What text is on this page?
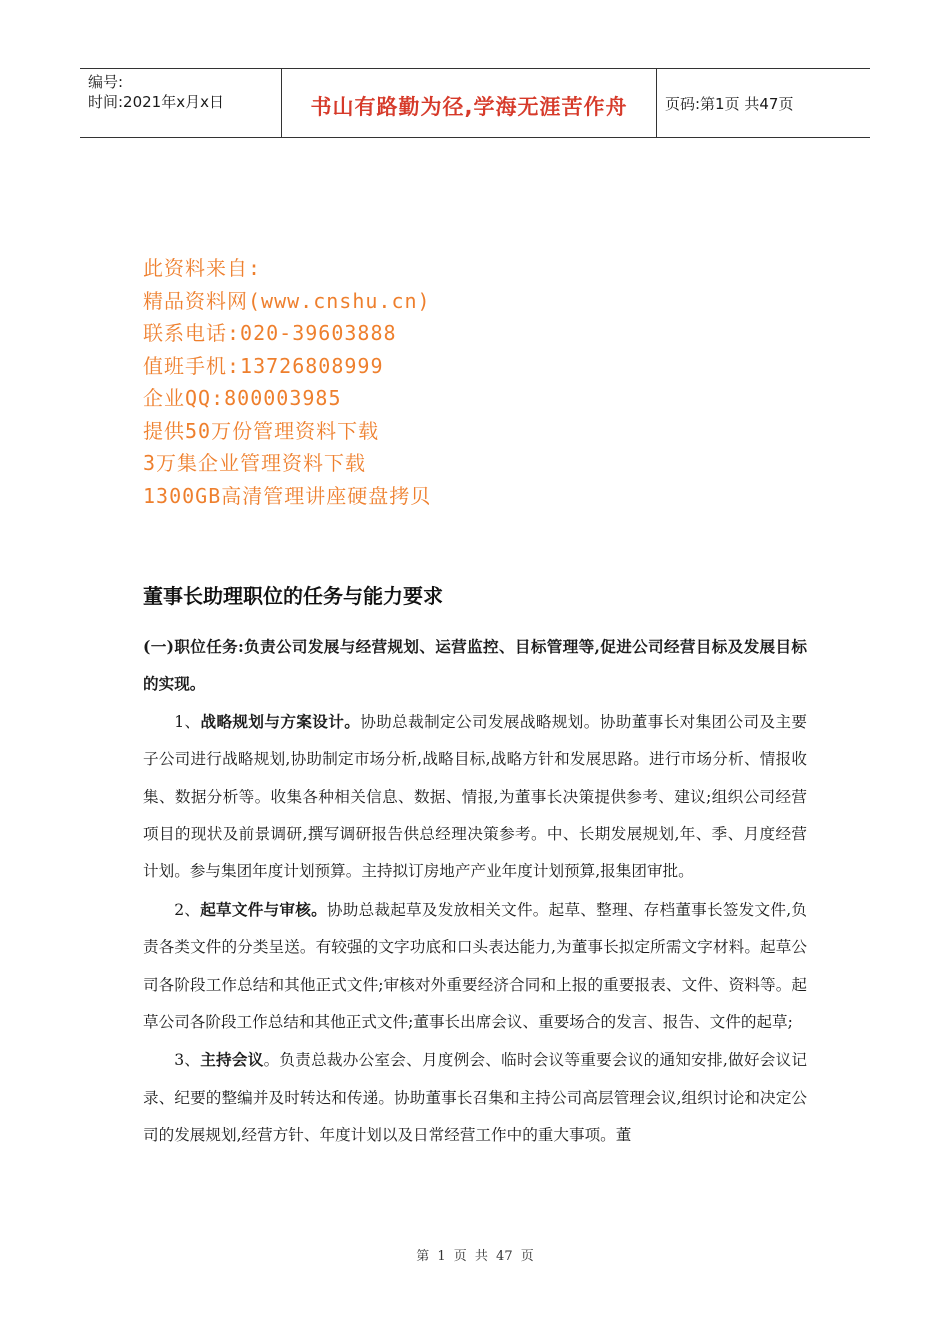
编号:
时间:2021年x月x日	书山有路勤为径,学海无涯苦作舟	页码:第1页 共47页
此资料来自:
精品资料网(www.cnshu.cn)
联系电话:020-39603888
值班手机:13726808999
企业QQ:800003985
提供50万份管理资料下载
3万集企业管理资料下载
1300GB高清管理讲座硬盘拷贝
董事长助理职位的任务与能力要求

(一)职位任务:负责公司发展与经营规划、运营监控、目标管理等,促进公司经营目标及发展目标的实现。

1、战略规划与方案设计。协助总裁制定公司发展战略规划。协助董事长对集团公司及主要子公司进行战略规划,协助制定市场分析,战略目标,战略方针和发展思路。进行市场分析、情报收集、数据分析等。收集各种相关信息、数据、情报,为董事长决策提供参考、建议;组织公司经营项目的现状及前景调研,撰写调研报告供总经理决策参考。中、长期发展规划,年、季、月度经营计划。参与集团年度计划预算。主持拟订房地产产业年度计划预算,报集团审批。

2、起草文件与审核。协助总裁起草及发放相关文件。起草、整理、存档董事长签发文件,负责各类文件的分类呈送。有较强的文字功底和口头表达能力,为董事长拟定所需文字材料。起草公司各阶段工作总结和其他正式文件;审核对外重要经济合同和上报的重要报表、文件、资料等。起草公司各阶段工作总结和其他正式文件;董事长出席会议、重要场合的发言、报告、文件的起草;

3、主持会议。负责总裁办公室会、月度例会、临时会议等重要会议的通知安排,做好会议记录、纪要的整编并及时转达和传递。协助董事长召集和主持公司高层管理会议,组织讨论和决定公司的发展规划,经营方针、年度计划以及日常经营工作中的重大事项。董

第 1 页 共 47 页
